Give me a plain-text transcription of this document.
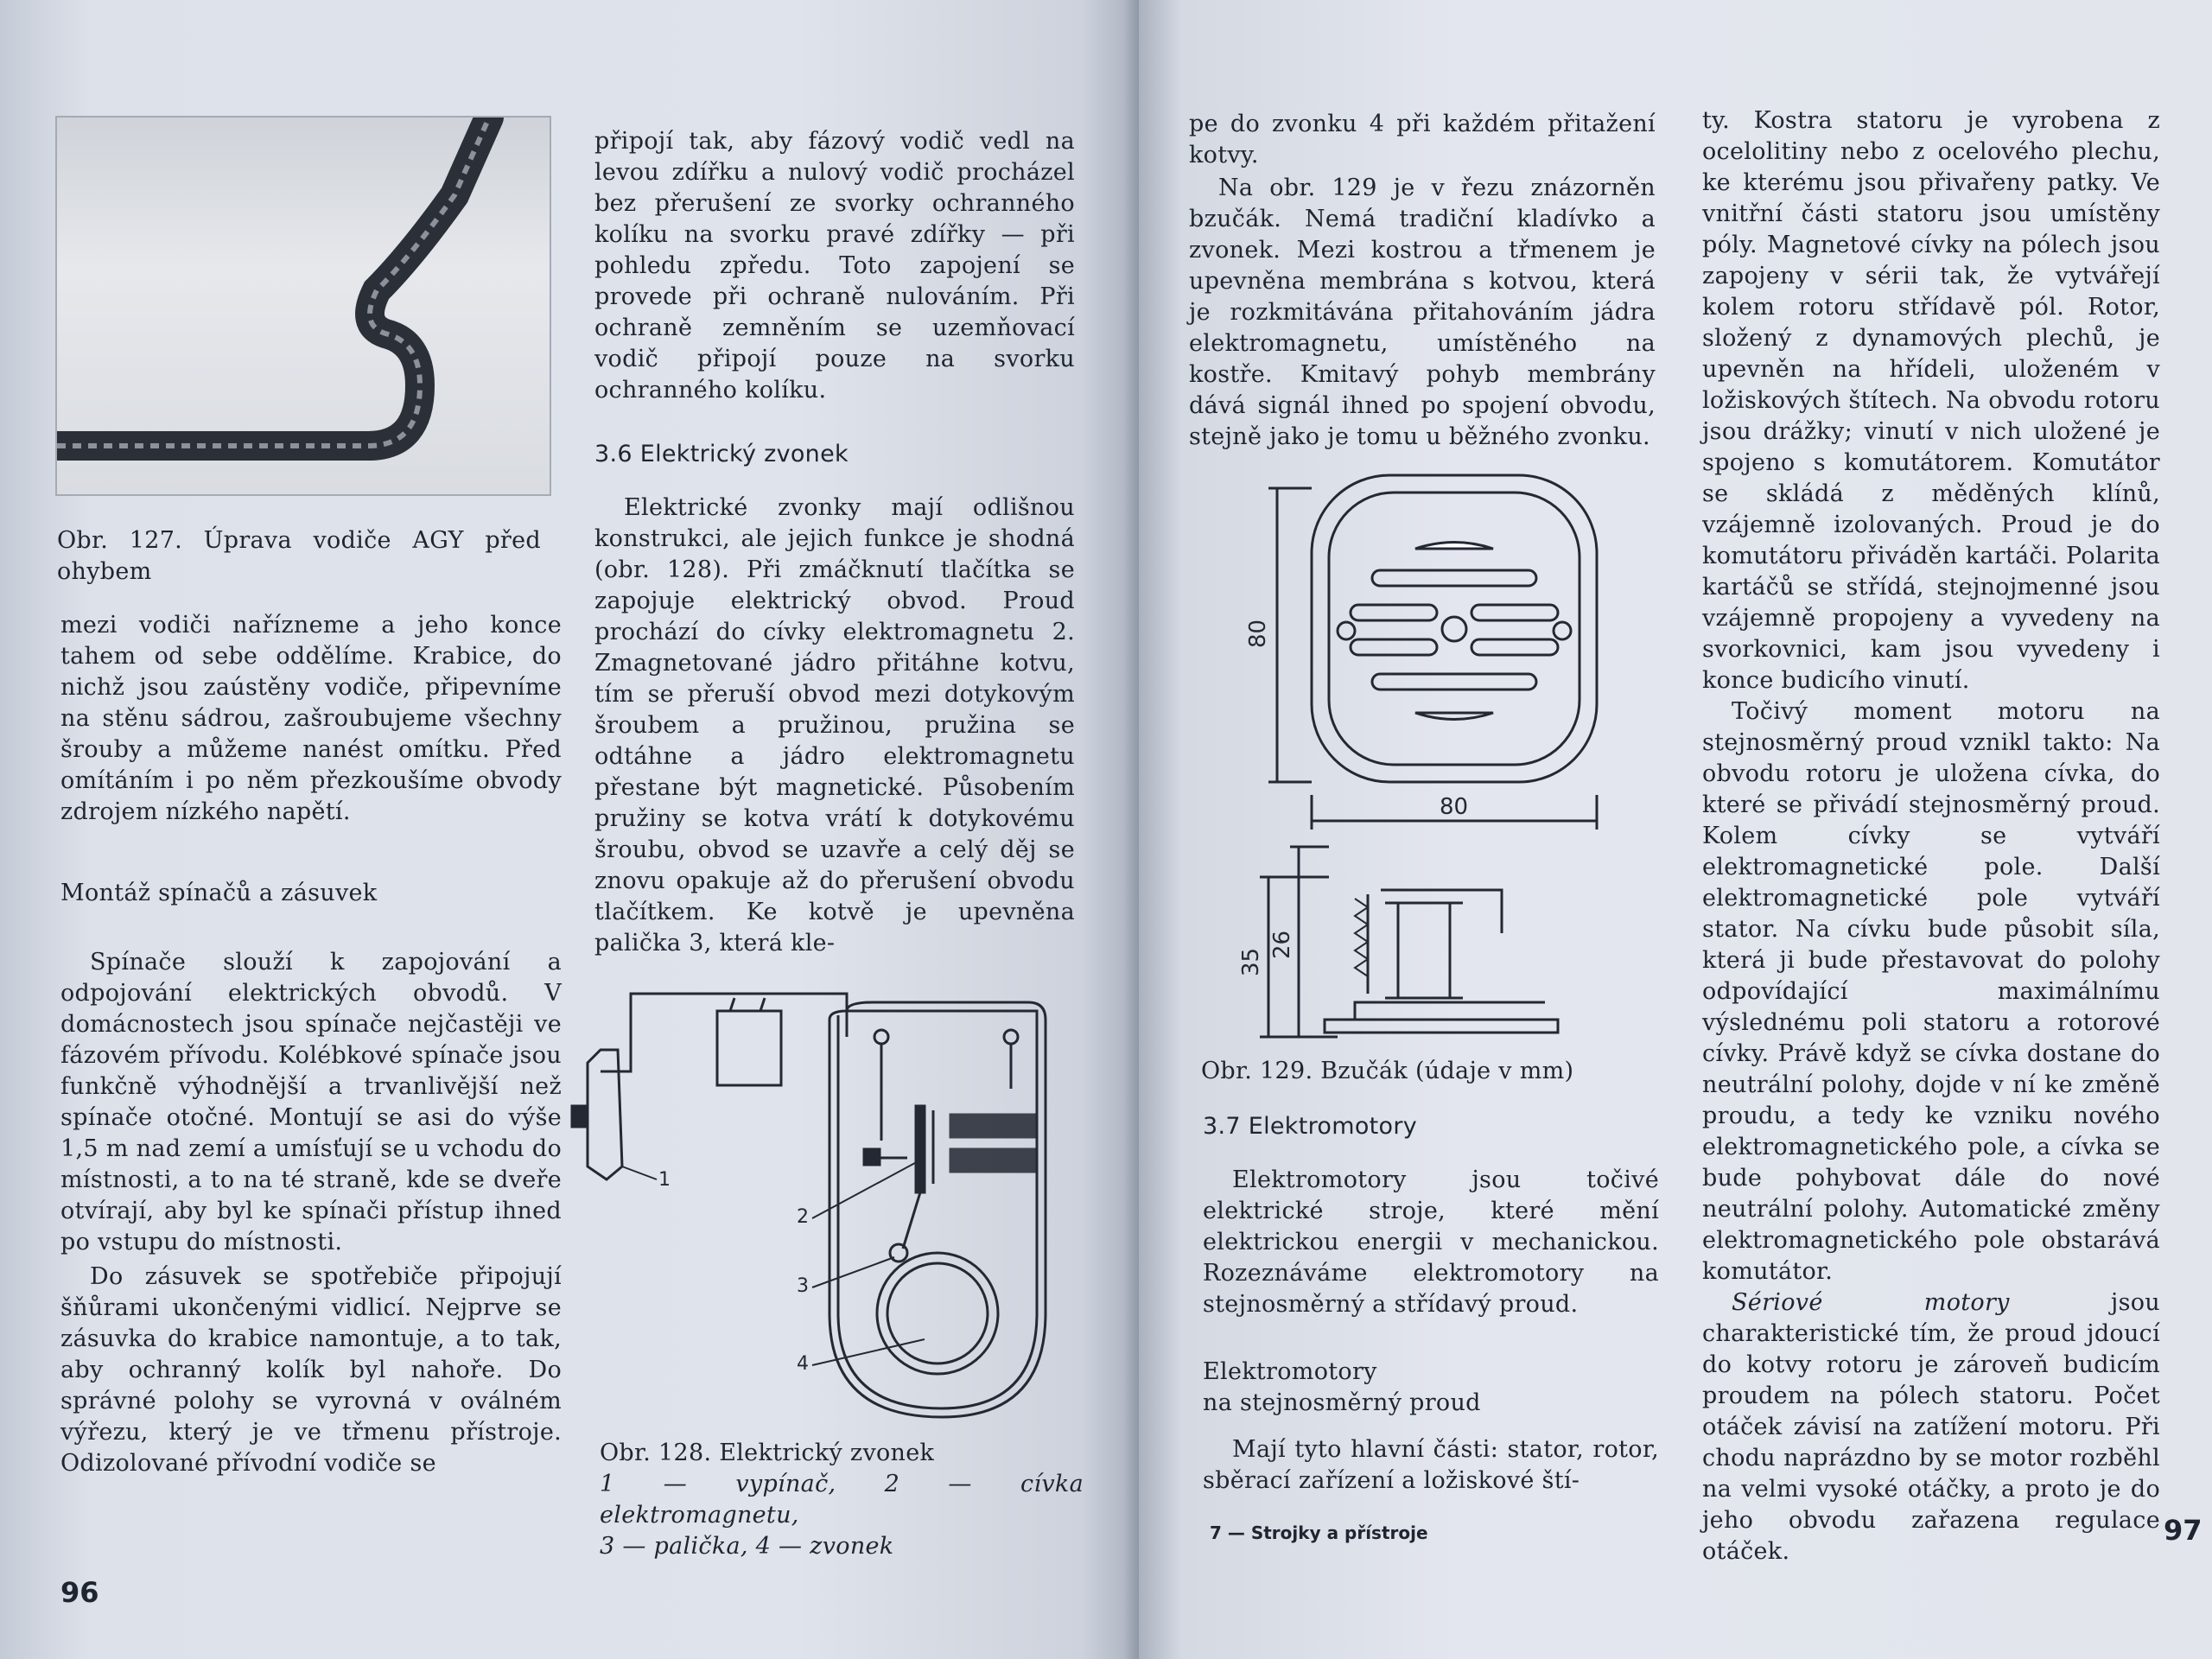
Obr. 127. Úprava vodiče AGY před ohybem

mezi vodiči nařízneme a jeho konce tahem od sebe oddělíme. Krabice, do nichž jsou zaústěny vodiče, připevníme na stěnu sádrou, zašroubujeme všechny šrouby a můžeme nanést omítku. Před omítáním i po něm přezkoušíme obvody zdrojem nízkého napětí.

Montáž spínačů a zásuvek

Spínače slouží k zapojování a odpojování elektrických obvodů. V domácnostech jsou spínače nejčastěji ve fázovém přívodu. Kolébkové spínače jsou funkčně výhodnější a trvanlivější než spínače otočné. Montují se asi do výše 1,5 m nad zemí a umísťují se u vchodu do místnosti, a to na té straně, kde se dveře otvírají, aby byl ke spínači přístup ihned po vstupu do místnosti.

Do zásuvek se spotřebiče připojují šňůrami ukončenými vidlicí. Nejprve se zásuvka do krabice namontuje, a to tak, aby ochranný kolík byl nahoře. Do správné polohy se vyrovná v oválném výřezu, který je ve třmenu přístroje. Odizolované přívodní vodiče se

připojí tak, aby fázový vodič vedl na levou zdířku a nulový vodič procházel bez přerušení ze svorky ochranného kolíku na svorku pravé zdířky — při pohledu zpředu. Toto zapojení se provede při ochraně nulováním. Při ochraně zemněním se uzemňovací vodič připojí pouze na svorku ochranného kolíku.

3.6 Elektrický zvonek

Elektrické zvonky mají odlišnou konstrukci, ale jejich funkce je shodná (obr. 128). Při zmáčknutí tlačítka se zapojuje elektrický obvod. Proud prochází do cívky elektromagnetu 2. Zmagnetované jádro přitáhne kotvu, tím se přeruší obvod mezi dotykovým šroubem a pružinou, pružina se odtáhne a jádro elektromagnetu přestane být magnetické. Působením pružiny se kotva vrátí k dotykovému šroubu, obvod se uzavře a celý děj se znovu opakuje až do přerušení obvodu tlačítkem. Ke kotvě je upevněna palička 3, která kle-

1
2
3
4

Obr. 128. Elektrický zvonek

1 — vypínač, 2 — cívka elektromagnetu,

3 — palička, 4 — zvonek

96

pe do zvonku 4 při každém přitažení kotvy.

Na obr. 129 je v řezu znázorněn bzučák. Nemá tradiční kladívko a zvonek. Mezi kostrou a třmenem je upevněna membrána s kotvou, která je rozkmitávána přitahováním jádra elektromagnetu, umístěného na kostře. Kmitavý pohyb membrány dává signál ihned po spojení obvodu, stejně jako je tomu u běžného zvonku.

80
80
35
26

Obr. 129. Bzučák (údaje v mm)

3.7 Elektromotory

Elektromotory jsou točivé elektrické stroje, které mění elektrickou energii v mechanickou. Rozeznáváme elektromotory na stejnosměrný a střídavý proud.

Elektromotory

na stejnosměrný proud

Mají tyto hlavní části: stator, rotor, sběrací zařízení a ložiskové ští-

ty. Kostra statoru je vyrobena z ocelolitiny nebo z ocelového plechu, ke kterému jsou přivařeny patky. Ve vnitřní části statoru jsou umístěny póly. Magnetové cívky na pólech jsou zapojeny v sérii tak, že vytvářejí kolem rotoru střídavě pól. Rotor, složený z dynamových plechů, je upevněn na hřídeli, uloženém v ložiskových štítech. Na obvodu rotoru jsou drážky; vinutí v nich uložené je spojeno s komutátorem. Komutátor se skládá z měděných klínů, vzájemně izolovaných. Proud je do komutátoru přiváděn kartáči. Polarita kartáčů se střídá, stejnojmenné jsou vzájemně propojeny a vyvedeny na svorkovnici, kam jsou vyvedeny i konce budicího vinutí.

Točivý moment motoru na stejnosměrný proud vznikl takto: Na obvodu rotoru je uložena cívka, do které se přivádí stejnosměrný proud. Kolem cívky se vytváří elektromagnetické pole. Další elektromagnetické pole vytváří stator. Na cívku bude působit síla, která ji bude přestavovat do polohy odpovídající maximálnímu výslednému poli statoru a rotorové cívky. Právě když se cívka dostane do neutrální polohy, dojde v ní ke změně proudu, a tedy ke vzniku nového elektromagnetického pole, a cívka se bude pohybovat dále do nové neutrální polohy. Automatické změny elektromagnetického pole obstarává komutátor.

Sériové motory jsou charakteristické tím, že proud jdoucí do kotvy rotoru je zároveň budicím proudem na pólech statoru. Počet otáček závisí na zatížení motoru. Při chodu naprázdno by se motor rozběhl na velmi vysoké otáčky, a proto je do jeho obvodu zařazena regulace otáček.

7 — Strojky a přístroje	97
